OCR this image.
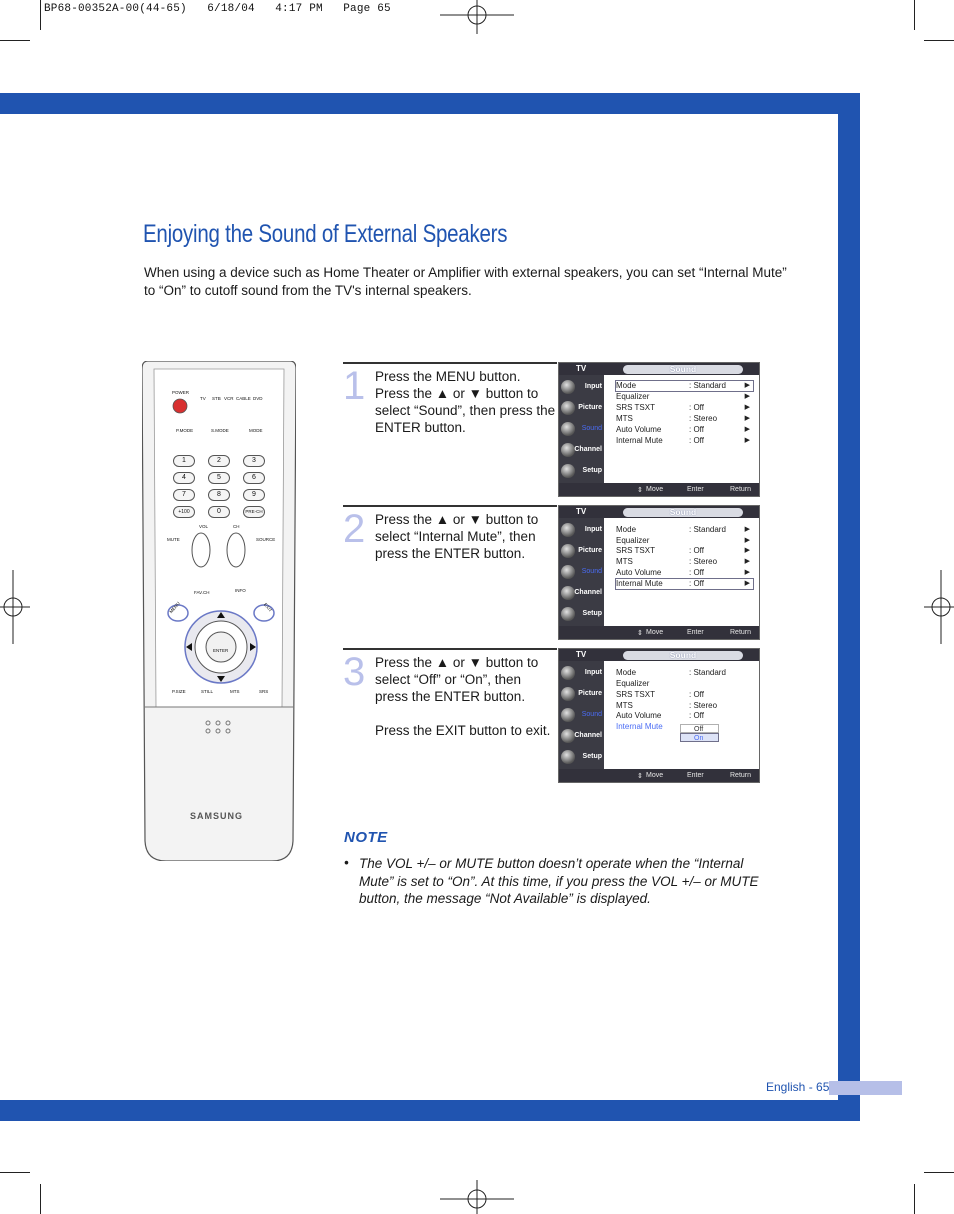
BP68-00352A-00(44-65)   6/18/04   4:17 PM   Page 65
English - 65
Enjoying the Sound of External Speakers
When using a device such as Home Theater or Amplifier with external speakers, you can set “Internal Mute” to “On” to cutoff sound from the TV's internal speakers.
POWER
TV STB VCR CABLE DVD
P.MODE	S.MODE	MODE
1	2	3
4	5	6
7	8	9
+100	0	PRE-CH
VOL	CH
MUTE	SOURCE
MENU
FAV.CH	INFO
EXIT
ENTER
P.SIZE	STILL	MTS	SRS
SAMSUNG
1 Press the MENU button.
Press the ▲ or ▼ button to select “Sound”, then press the ENTER button.
TV	Sound
Input
Picture
Sound
Channel
Setup
Mode	: Standard	▶
Equalizer	▶
SRS TSXT	: Off	▶
MTS	: Stereo	▶
Auto Volume	: Off	▶
Internal Mute	: Off	▶
⇕ Move	Enter	Return
2 Press the ▲ or ▼ button to select “Internal Mute”, then press the ENTER button.
TV	Sound
Input
Picture
Sound
Channel
Setup
Mode	: Standard	▶
Equalizer	▶
SRS TSXT	: Off	▶
MTS	: Stereo	▶
Auto Volume	: Off	▶
Internal Mute	: Off	▶
⇕ Move	Enter	Return
3 Press the ▲ or ▼ button to select “Off” or “On”, then press the ENTER button.
Press the EXIT button to exit.
TV	Sound
Input
Picture
Sound
Channel
Setup
Mode	: Standard
Equalizer
SRS TSXT	: Off
MTS	: Stereo
Auto Volume	: Off
Internal Mute	Off
On
⇕ Move	Enter	Return
NOTE
• The VOL +/– or MUTE button doesn’t operate when the “Internal Mute” is set to “On”. At this time, if you press the VOL +/– or MUTE button, the message “Not Available” is displayed.
